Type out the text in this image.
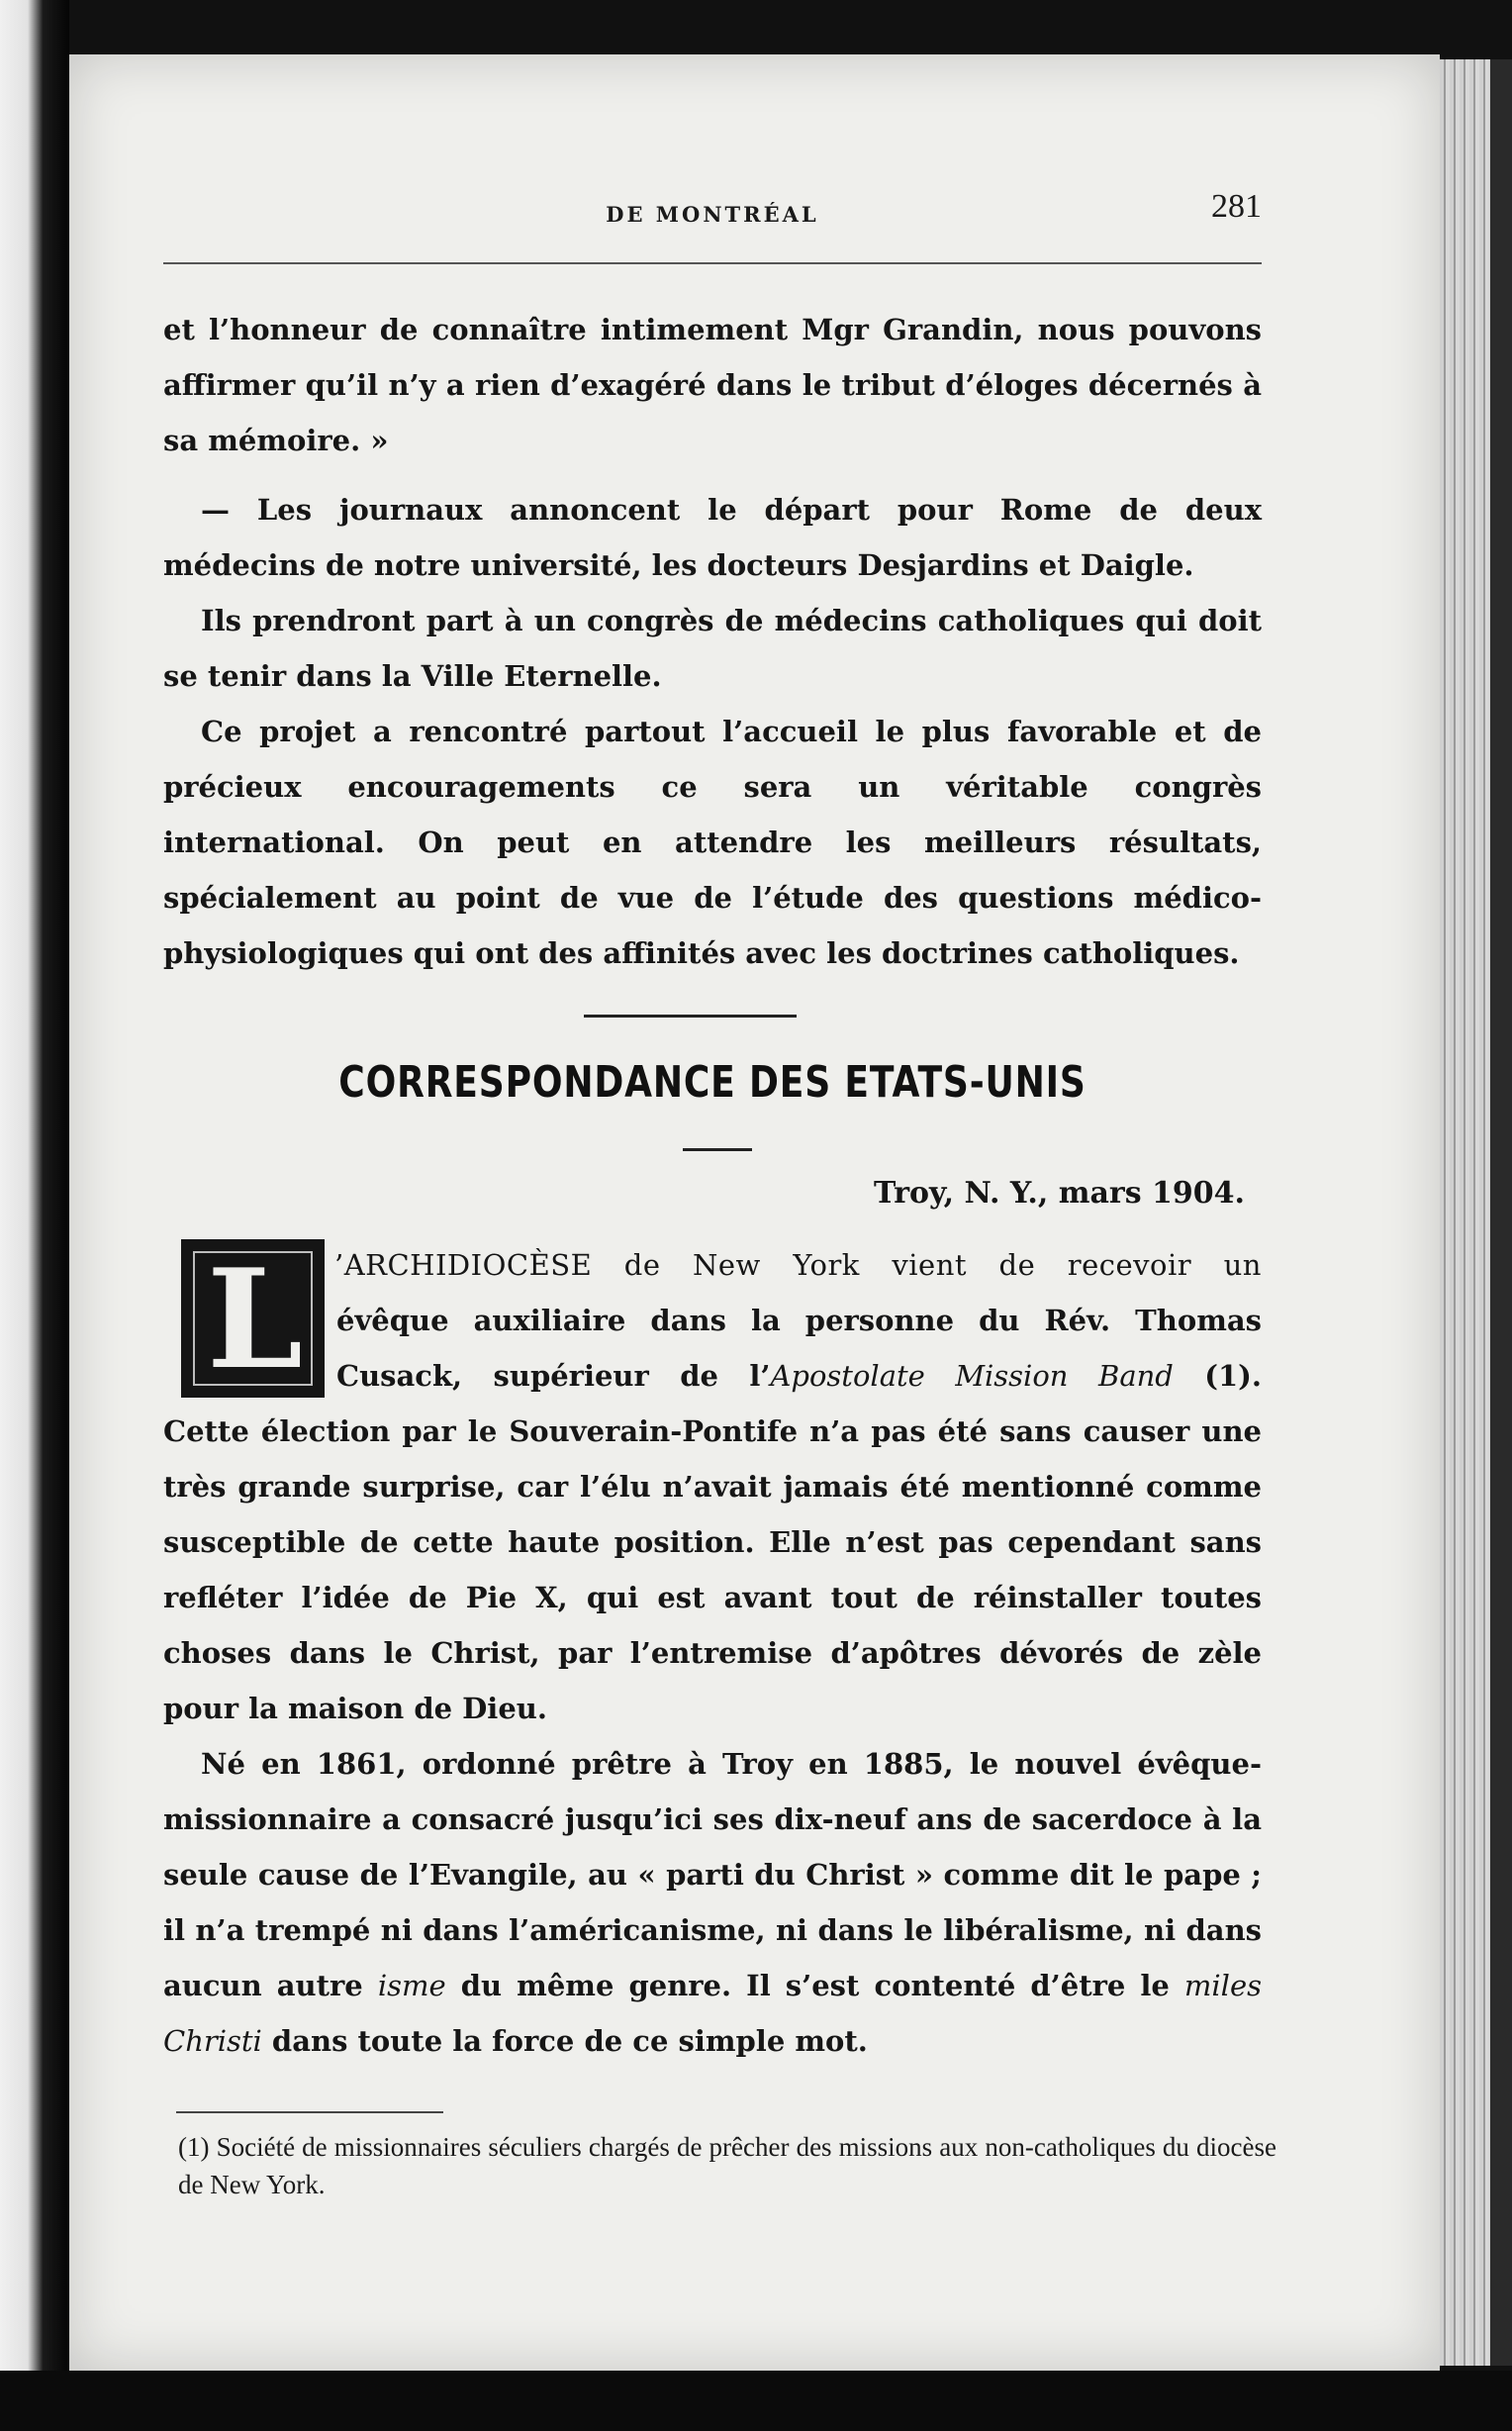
DE MONTRÉAL	281

et l’honneur de connaître intimement Mgr Grandin, nous pouvons affirmer qu’il n’y a rien d’exagéré dans le tribut d’éloges décernés à sa mémoire. »

— Les journaux annoncent le départ pour Rome de deux médecins de notre université, les docteurs Desjardins et Daigle.

Ils prendront part à un congrès de médecins catholiques qui doit se tenir dans la Ville Eternelle.

Ce projet a rencontré partout l’accueil le plus favorable et de précieux encouragements ce sera un véritable congrès international. On peut en attendre les meilleurs résultats, spécialement au point de vue de l’étude des questions médico-physiologiques qui ont des affinités avec les doctrines catholiques.

CORRESPONDANCE DES ETATS-UNIS
Troy, N. Y., mars 1904.
L ’ARCHIDIOCÈSE de New York vient de recevoir un
évêque auxiliaire dans la personne du Rév. Thomas
Cusack, supérieur de l’Apostolate Mission Band (1).

Cette élection par le Souverain-Pontife n’a pas été sans causer une très grande surprise, car l’élu n’avait jamais été mentionné comme susceptible de cette haute position. Elle n’est pas cependant sans refléter l’idée de Pie X, qui est avant tout de réinstaller toutes choses dans le Christ, par l’entremise d’apôtres dévorés de zèle pour la maison de Dieu.

Né en 1861, ordonné prêtre à Troy en 1885, le nouvel évêque-missionnaire a consacré jusqu’ici ses dix-neuf ans de sacerdoce à la seule cause de l’Evangile, au « parti du Christ » comme dit le pape ; il n’a trempé ni dans l’américanisme, ni dans le libéralisme, ni dans aucun autre isme du même genre. Il s’est contenté d’être le miles Christi dans toute la force de ce simple mot.

(1) Société de missionnaires séculiers chargés de prêcher des missions aux non-catholiques du diocèse de New York.
